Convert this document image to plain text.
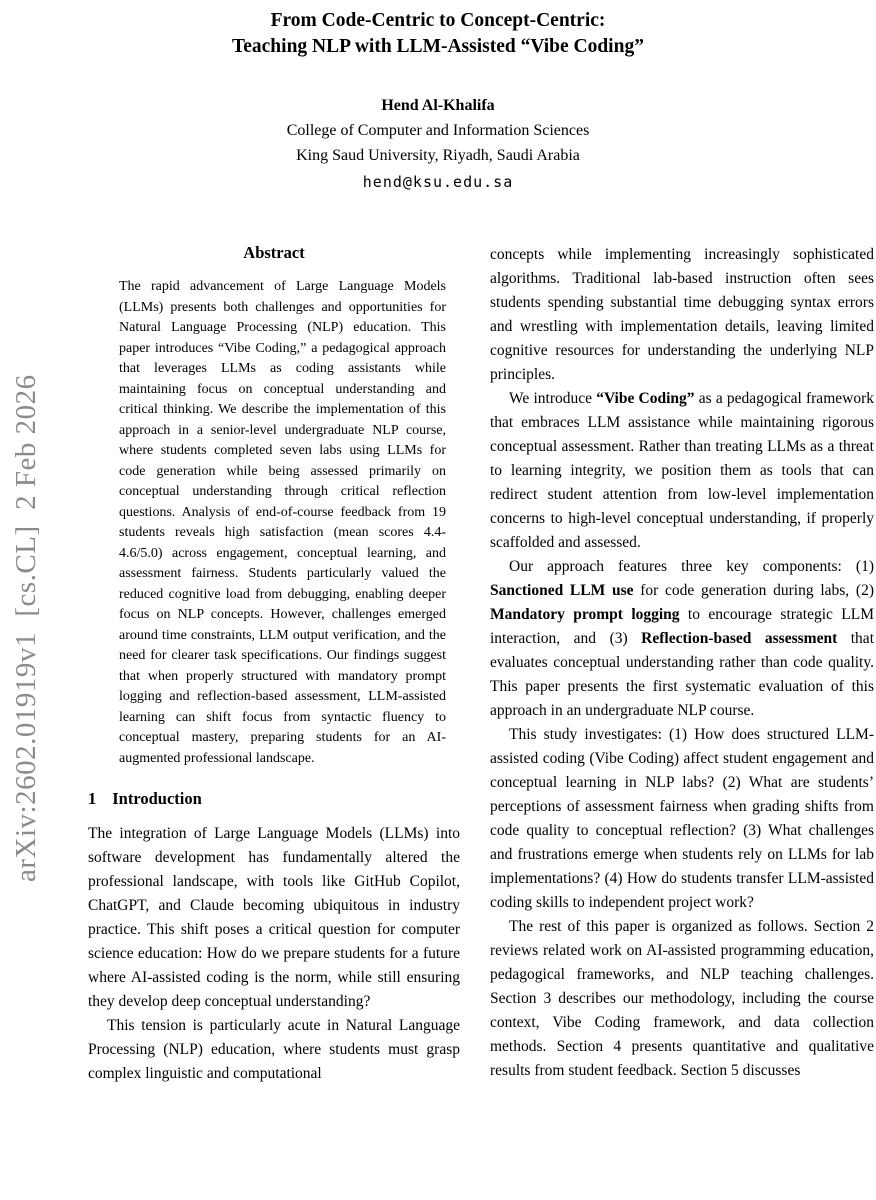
arXiv:2602.01919v1  [cs.CL]  2 Feb 2026
From Code-Centric to Concept-Centric:
Teaching NLP with LLM-Assisted “Vibe Coding”
Hend Al-Khalifa
College of Computer and Information Sciences
King Saud University, Riyadh, Saudi Arabia
hend@ksu.edu.sa
Abstract

The rapid advancement of Large Language Models (LLMs) presents both challenges and opportunities for Natural Language Processing (NLP) education. This paper introduces “Vibe Coding,” a pedagogical approach that leverages LLMs as coding assistants while maintaining focus on conceptual understanding and critical thinking. We describe the implementation of this approach in a senior-level undergraduate NLP course, where students completed seven labs using LLMs for code generation while being assessed primarily on conceptual understanding through critical reflection questions. Analysis of end-of-course feedback from 19 students reveals high satisfaction (mean scores 4.4-4.6/5.0) across engagement, conceptual learning, and assessment fairness. Students particularly valued the reduced cognitive load from debugging, enabling deeper focus on NLP concepts. However, challenges emerged around time constraints, LLM output verification, and the need for clearer task specifications. Our findings suggest that when properly structured with mandatory prompt logging and reflection-based assessment, LLM-assisted learning can shift focus from syntactic fluency to conceptual mastery, preparing students for an AI-augmented professional landscape.

1 Introduction

The integration of Large Language Models (LLMs) into software development has fundamentally altered the professional landscape, with tools like GitHub Copilot, ChatGPT, and Claude becoming ubiquitous in industry practice. This shift poses a critical question for computer science education: How do we prepare students for a future where AI-assisted coding is the norm, while still ensuring they develop deep conceptual understanding?

This tension is particularly acute in Natural Language Processing (NLP) education, where students must grasp complex linguistic and computational

concepts while implementing increasingly sophisticated algorithms. Traditional lab-based instruction often sees students spending substantial time debugging syntax errors and wrestling with implementation details, leaving limited cognitive resources for understanding the underlying NLP principles.

We introduce “Vibe Coding” as a pedagogical framework that embraces LLM assistance while maintaining rigorous conceptual assessment. Rather than treating LLMs as a threat to learning integrity, we position them as tools that can redirect student attention from low-level implementation concerns to high-level conceptual understanding, if properly scaffolded and assessed.

Our approach features three key components: (1) Sanctioned LLM use for code generation during labs, (2) Mandatory prompt logging to encourage strategic LLM interaction, and (3) Reflection-based assessment that evaluates conceptual understanding rather than code quality. This paper presents the first systematic evaluation of this approach in an undergraduate NLP course.

This study investigates: (1) How does structured LLM-assisted coding (Vibe Coding) affect student engagement and conceptual learning in NLP labs? (2) What are students’ perceptions of assessment fairness when grading shifts from code quality to conceptual reflection? (3) What challenges and frustrations emerge when students rely on LLMs for lab implementations? (4) How do students transfer LLM-assisted coding skills to independent project work?

The rest of this paper is organized as follows. Section 2 reviews related work on AI-assisted programming education, pedagogical frameworks, and NLP teaching challenges. Section 3 describes our methodology, including the course context, Vibe Coding framework, and data collection methods. Section 4 presents quantitative and qualitative results from student feedback. Section 5 discusses
